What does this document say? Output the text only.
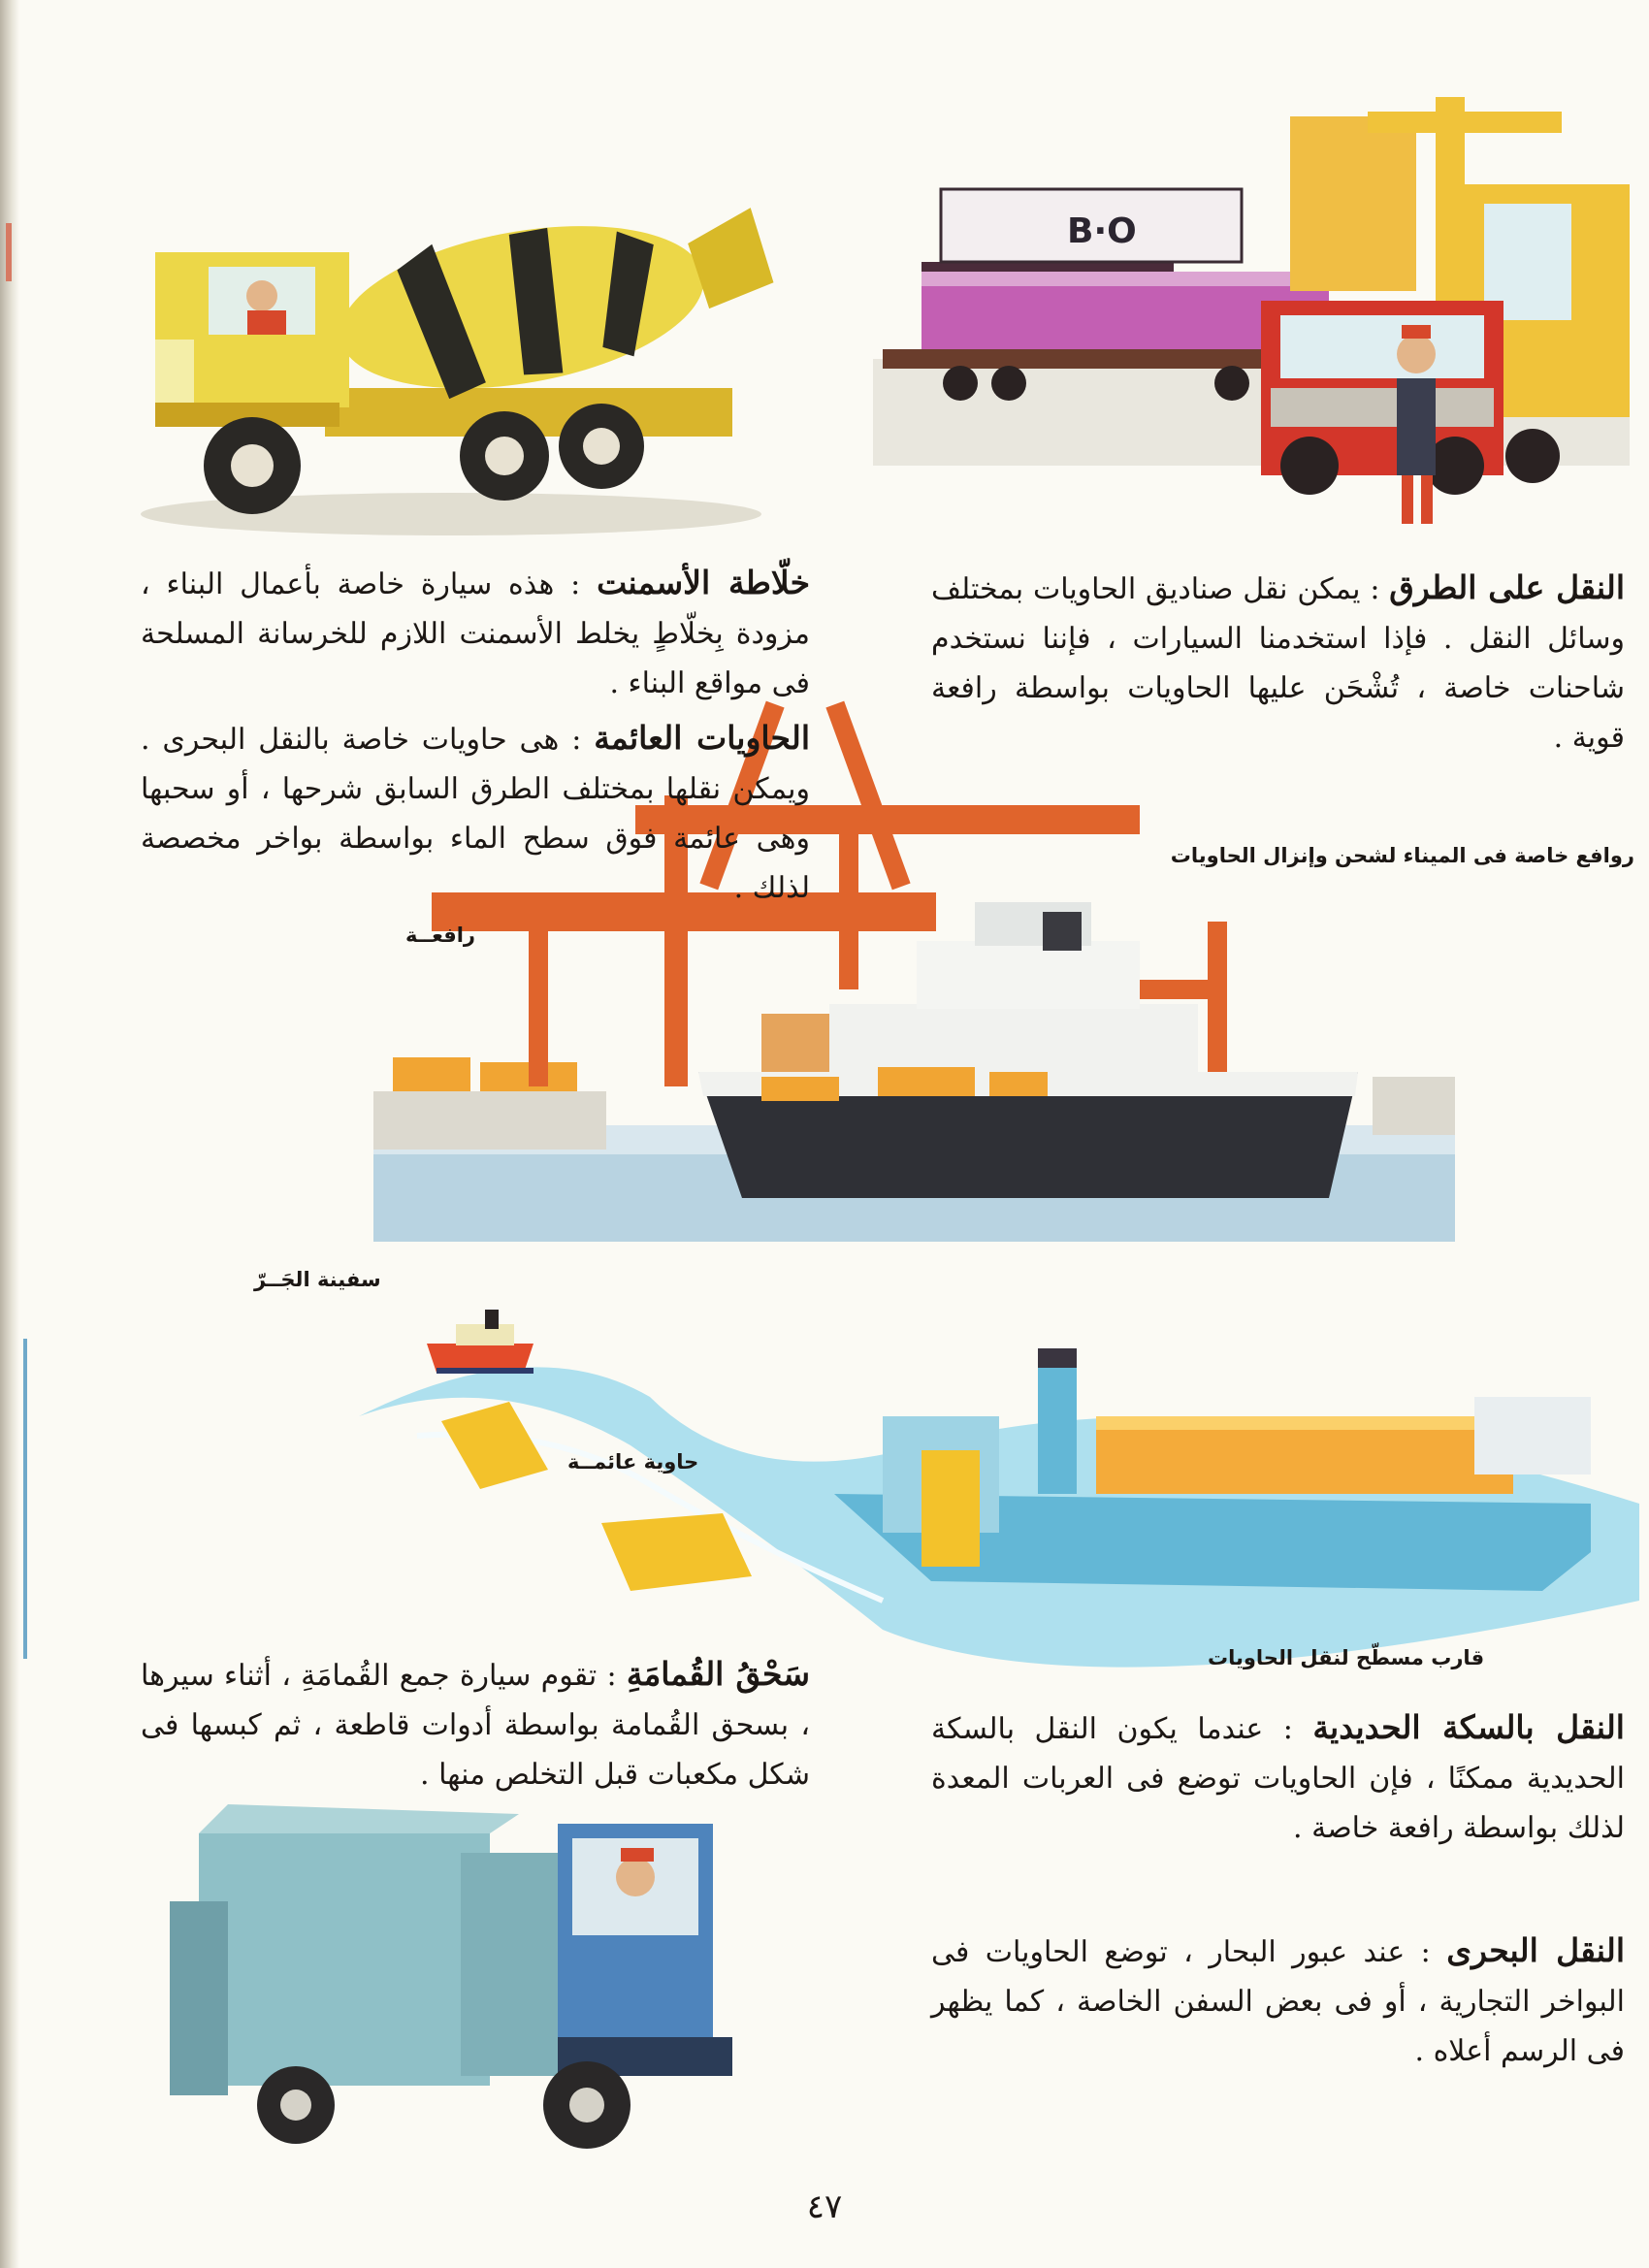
B·O
خلّاطة الأسمنت : هذه سيارة خاصة بأعمال البناء ، مزودة بِخلّاطٍ يخلط الأسمنت اللازم للخرسانة المسلحة فى مواقع البناء .
النقل على الطرق : يمكن نقل صناديق الحاويات بمختلف وسائل النقل . فإذا استخدمنا السيارات ، فإننا نستخدم شاحنات خاصة ، تُشْحَن عليها الحاويات بواسطة رافعة قوية .
الحاويات العائمة : هى حاويات خاصة بالنقل البحرى . ويمكن نقلها بمختلف الطرق السابق شرحها ، أو سحبها وهى عائمة فوق سطح الماء بواسطة بواخر مخصصة لذلك .
سَحْقُ القُمامَةِ : تقوم سيارة جمع القُمامَةِ ، أثناء سيرها ، بسحق القُمامة بواسطة أدوات قاطعة ، ثم كبسها فى شكل مكعبات قبل التخلص منها .
النقل بالسكة الحديدية : عندما يكون النقل بالسكة الحديدية ممكنًا ، فإن الحاويات توضع فى العربات المعدة لذلك بواسطة رافعة خاصة .
النقل البحرى : عند عبور البحار ، توضع الحاويات فى البواخر التجارية ، أو فى بعض السفن الخاصة ، كما يظهر فى الرسم أعلاه .
روافع خاصة فى الميناء لشحن وإنزال الحاويات
رافعــة
سفينة الجَــرّ
حاوية عائمــة
قارب مسطّح لنقل الحاويات
٤٧
